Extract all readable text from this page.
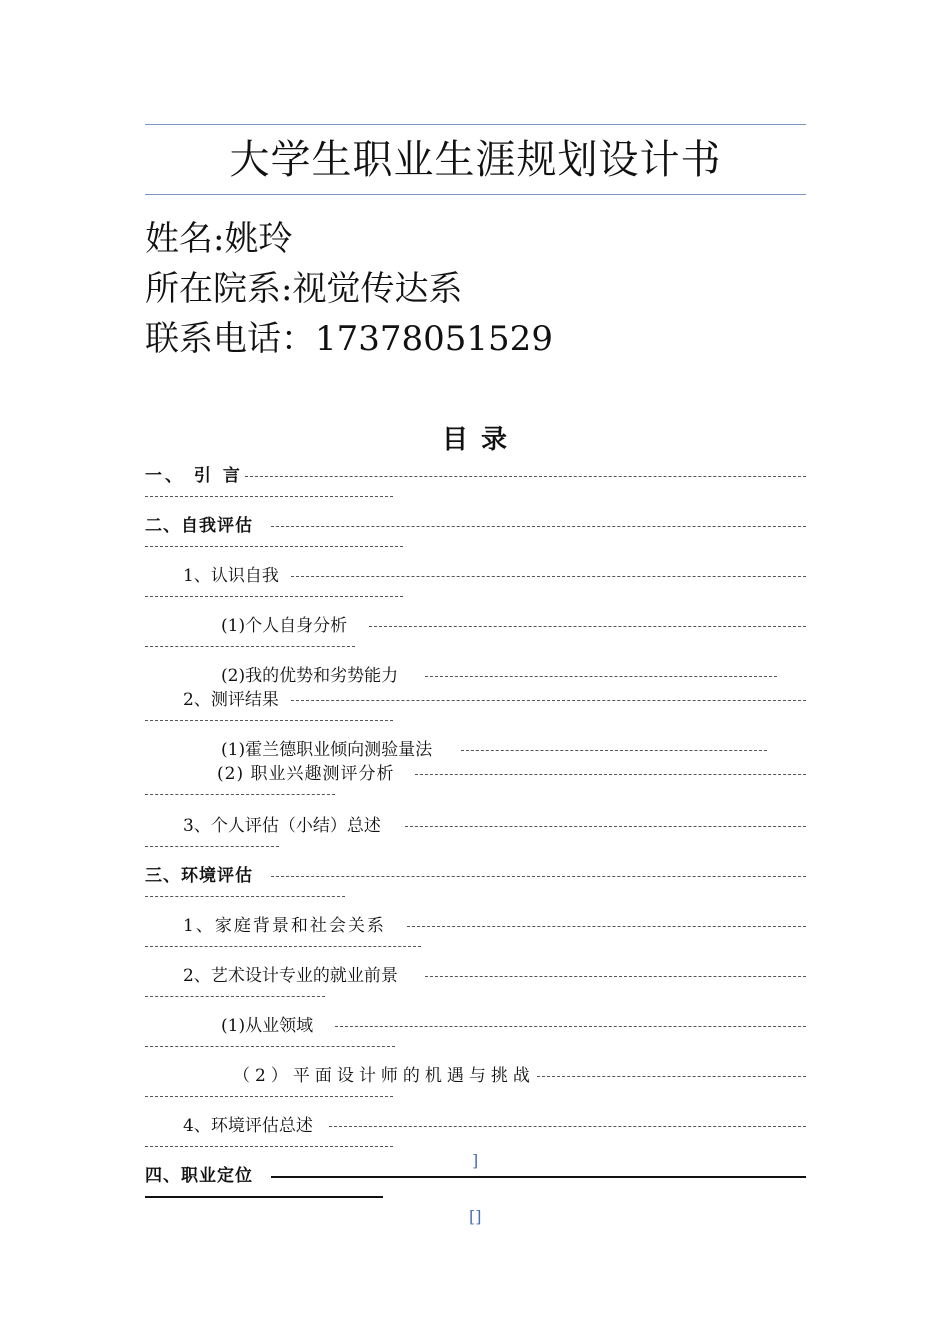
大学生职业生涯规划设计书
姓名:姚玲
所在院系:视觉传达系
联系电话：17378051529
目 录
一、 引 言
二、自我评估
1、认识自我
(1)个人自身分析
(2)我的优势和劣势能力
2、测评结果
(1)霍兰德职业倾向测验量法
(2) 职业兴趣测评分析
3、个人评估（小结）总述
三、环境评估
1、家庭背景和社会关系
2、艺术设计专业的就业前景
(1)从业领域
（2）平面设计师的机遇与挑战
4、环境评估总述
四、职业定位
]
[]
